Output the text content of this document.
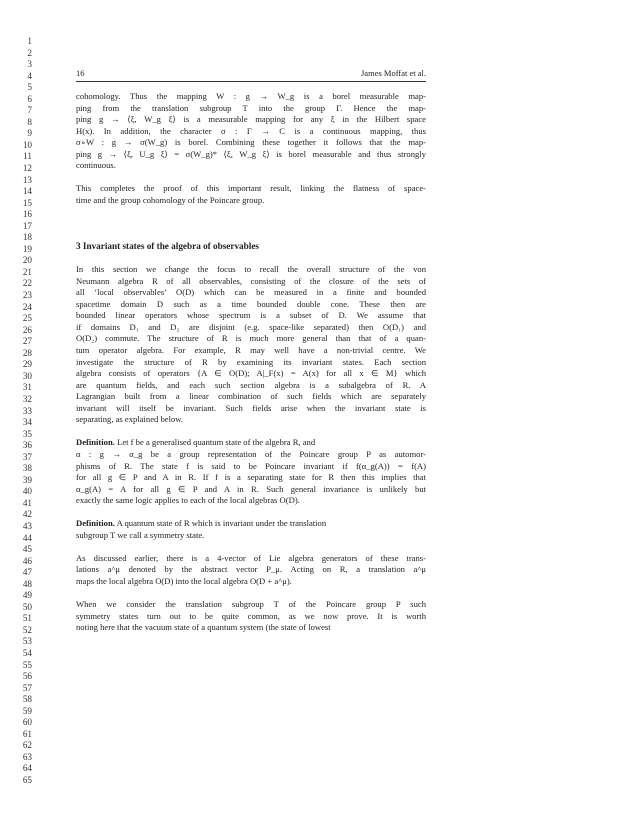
1
2
3
4
5
6
7
8
9
10
11
12
13
14
15
16
17
18
19
20
21
22
23
24
25
26
27
28
29
30
31
32
33
34
35
36
37
38
39
40
41
42
43
44
45
46
47
48
49
50
51
52
53
54
55
56
57
58
59
60
61
62
63
64
65
16	James Moffat et al.
cohomology. Thus the mapping W : g → W_g is a borel measurable map-
ping from the translation subgroup T into the group Γ. Hence the map-
ping g → ⟨ξ, W_g ξ⟩ is a measurable mapping for any ξ in the Hilbert space
H(x). In addition, the character σ : Γ → C is a continuous mapping, thus
σ∘W : g → σ(W_g) is borel. Combining these together it follows that the map-
ping g → ⟨ξ, U_g ξ⟩ = σ(W_g)* ⟨ξ, W_g ξ⟩ is borel measurable and thus strongly
continuous.
This completes the proof of this important result, linking the flatness of space-
time and the group cohomology of the Poincare group.
3 Invariant states of the algebra of observables
In this section we change the focus to recall the overall structure of the von
Neumann algebra R of all observables, consisting of the closure of the sets of
all ‘local observables’ O(D) which can be measured in a finite and bounded
spacetime domain D such as a time bounded double cone. These then are
bounded linear operators whose spectrum is a subset of D. We assume that
if domains D₁ and D₂ are disjoint (e.g. space-like separated) then O(D₁) and
O(D₂) commute. The structure of R is much more general than that of a quan-
tum operator algebra. For example, R may well have a non-trivial centre. We
investigate the structure of R by examining its invariant states. Each section
algebra consists of operators {A ∈ O(D); A|_F(x) = A(x) for all x ∈ M} which
are quantum fields, and each such section algebra is a subalgebra of R. A
Lagrangian built from a linear combination of such fields which are separately
invariant will itself be invariant. Such fields arise when the invariant state is
separating, as explained below.
Definition. Let f be a generalised quantum state of the algebra R, and
α : g → α_g be a group representation of the Poincare group P as automor-
phisms of R. The state f is said to be Poincare invariant if f(α_g(A)) = f(A)
for all g ∈ P and A in R. If f is a separating state for R then this implies that
α_g(A) = A for all g ∈ P and A in R. Such general invariance is unlikely but
exactly the same logic applies to each of the local algebras O(D).
Definition. A quantum state of R which is invariant under the translation
subgroup T we call a symmetry state.
As discussed earlier, there is a 4-vector of Lie algebra generators of these trans-
lations a^μ denoted by the abstract vector P_μ. Acting on R, a translation a^μ
maps the local algebra O(D) into the local algebra O(D + a^μ).
When we consider the translation subgroup T of the Poincare group P such
symmetry states turn out to be quite common, as we now prove. It is worth
noting here that the vacuum state of a quantum system (the state of lowest
